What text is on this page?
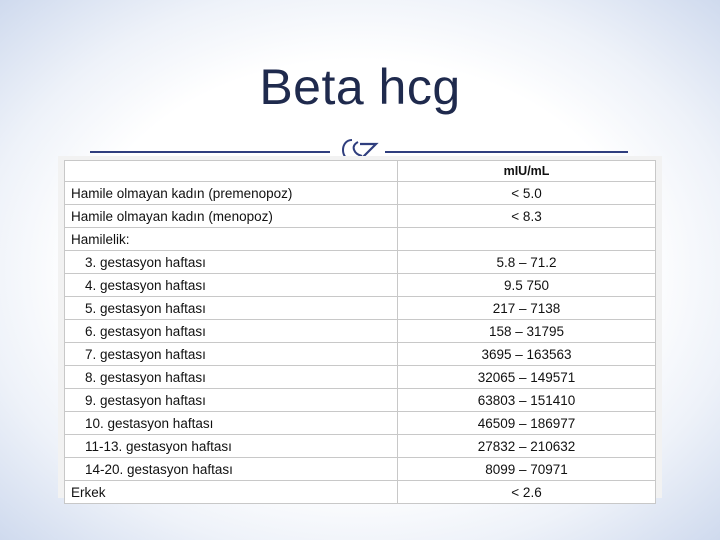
Beta hcg
	mIU/mL
Hamile olmayan kadın (premenopoz)	< 5.0
Hamile olmayan kadın (menopoz)	< 8.3
Hamilelik:	
3. gestasyon haftası	5.8 – 71.2
4. gestasyon haftası	9.5 750
5. gestasyon haftası	217 – 7138
6. gestasyon haftası	158 – 31795
7. gestasyon haftası	3695 – 163563
8. gestasyon haftası	32065 – 149571
9. gestasyon haftası	63803 – 151410
10. gestasyon haftası	46509 – 186977
11-13. gestasyon haftası	27832 – 210632
14-20. gestasyon haftası	8099 – 70971
Erkek	< 2.6
